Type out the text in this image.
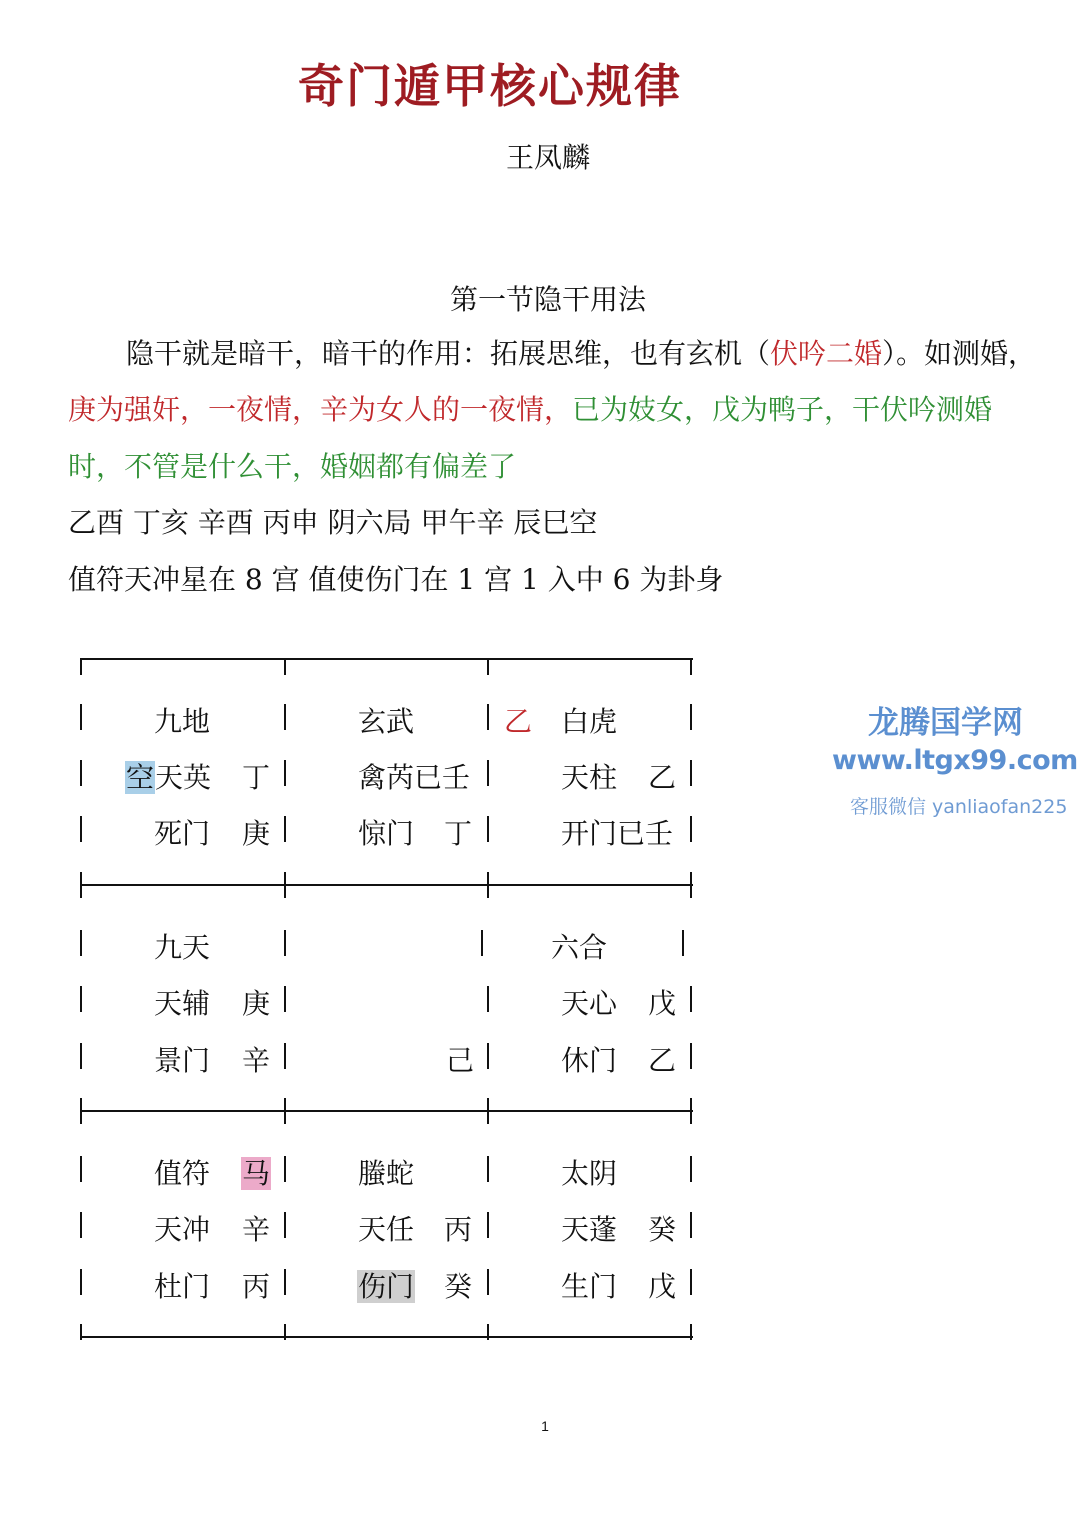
奇门遁甲核心规律
王凤麟
第一节隐干用法
隐干就是暗干，暗干的作用：拓展思维，也有玄机（伏吟二婚）。如测婚，
庚为强奸，一夜情，辛为女人的一夜情，已为妓女，戊为鸭子，干伏吟测婚
时，不管是什么干，婚姻都有偏差了
乙酉 丁亥 辛酉 丙申 阴六局 甲午辛 辰巳空
值符天冲星在 8 宫 值使伤门在 1 宫 1 入中 6 为卦身
九地
空天英 丁
死门 庚
玄武
禽芮已壬
惊门 丁
乙 白虎
天柱 乙
开门已壬
九天
天辅 庚
景门 辛	己
六合
天心 戊
休门 乙
值符 马
天冲 辛
杜门 丙
螣蛇
天任 丙
伤门 癸
太阴
天蓬 癸
生门 戊
龙腾国学网
www.ltgx99.com
客服微信 yanliaofan225
1
